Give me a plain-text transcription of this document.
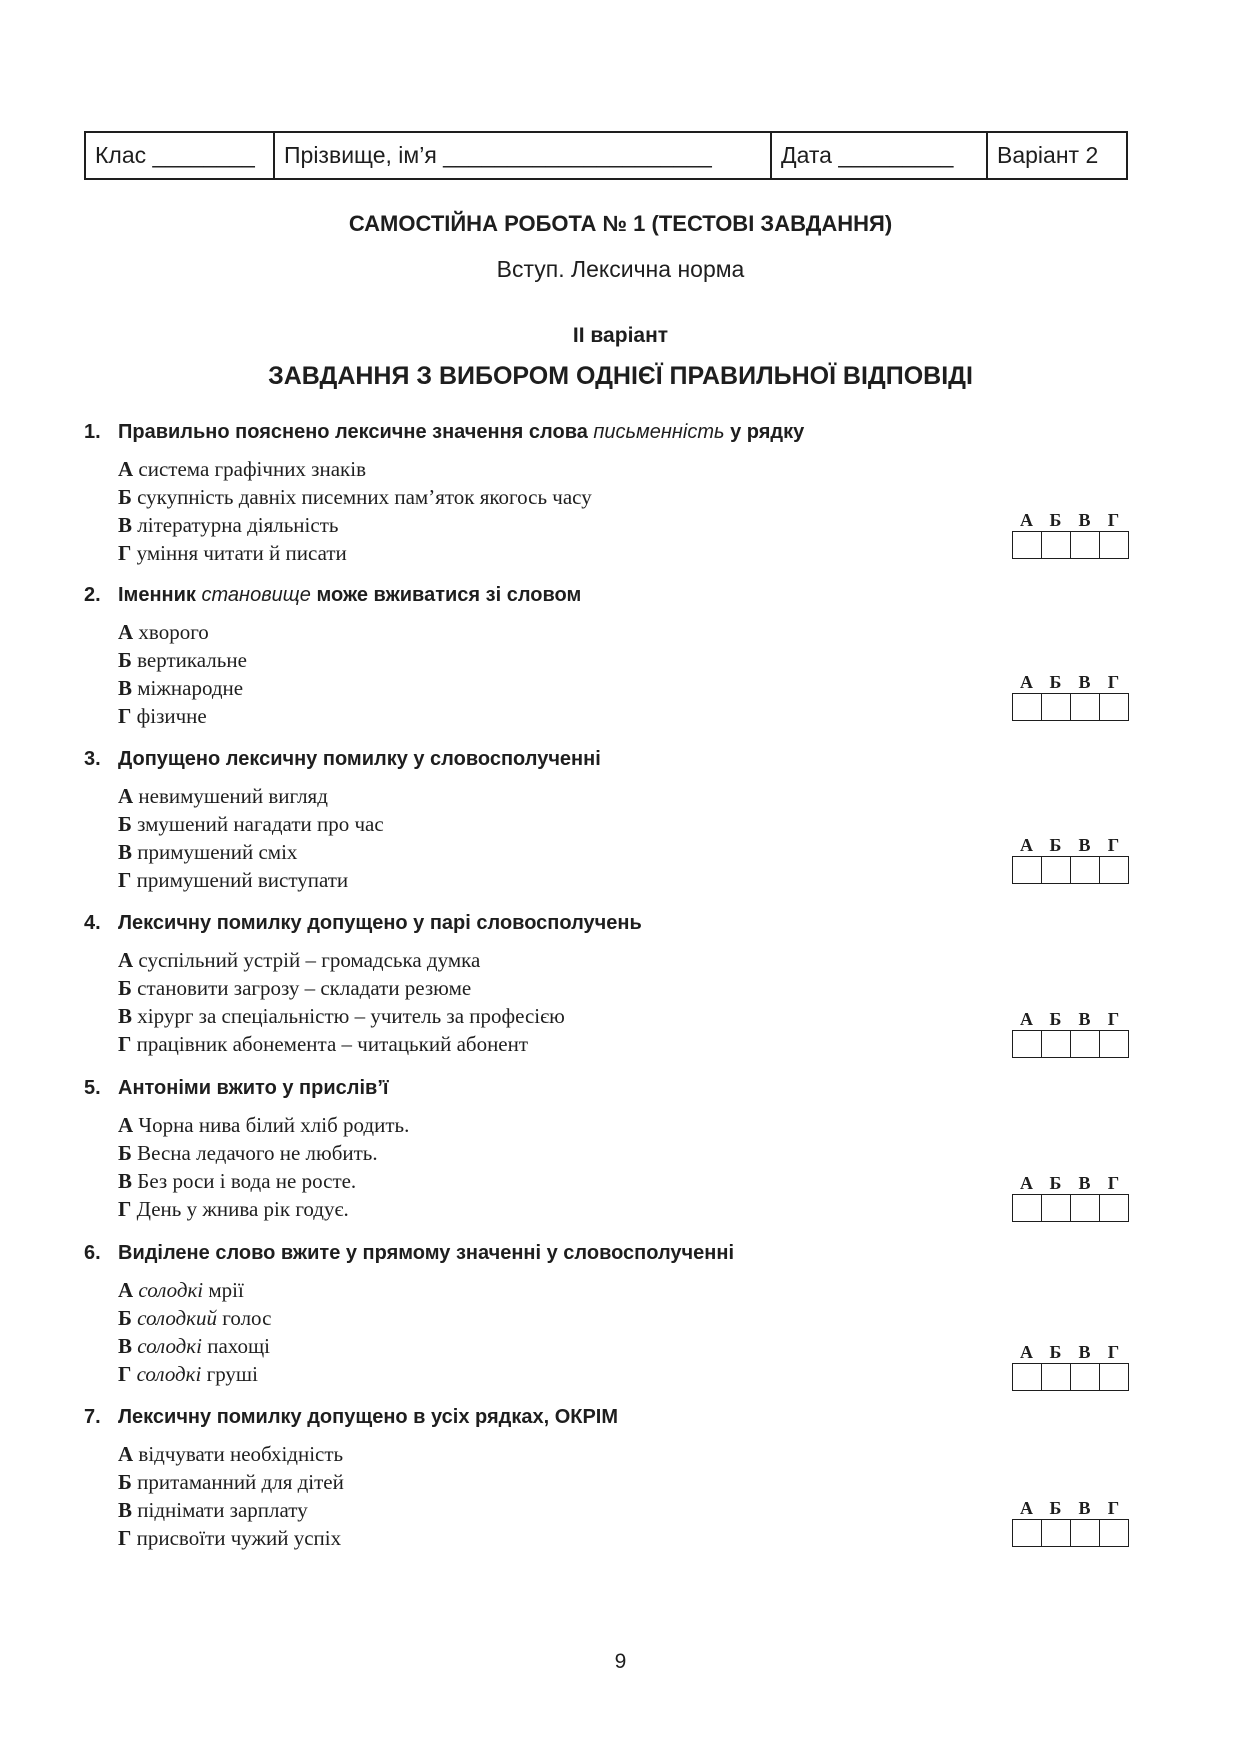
Клас ________	Прізвище, ім’я _____________________	Дата _________	Варіант 2
САМОСТІЙНА РОБОТА № 1 (ТЕСТОВІ ЗАВДАННЯ)
Вступ. Лексична норма
ІІ варіант
ЗАВДАННЯ З ВИБОРОМ ОДНІЄЇ ПРАВИЛЬНОЇ ВІДПОВІДІ
1. Правильно пояснено лексичне значення слова письменність у рядку
А система графічних знаків
Б сукупність давніх писемних пам’яток якогось часу
В літературна діяльність
Г уміння читати й писати
А Б В Г
2. Іменник становище може вживатися зі словом
А хворого
Б вертикальне
В міжнародне
Г фізичне
А Б В Г
3. Допущено лексичну помилку у словосполученні
А невимушений вигляд
Б змушений нагадати про час
В примушений сміх
Г примушений виступати
А Б В Г
4. Лексичну помилку допущено у парі словосполучень
А суспільний устрій – громадська думка
Б становити загрозу – складати резюме
В хірург за спеціальністю – учитель за професією
Г працівник абонемента – читацький абонент
А Б В Г
5. Антоніми вжито у прислів’ї
А Чорна нива білий хліб родить.
Б Весна ледачого не любить.
В Без роси і вода не росте.
Г День у жнива рік годує.
А Б В Г
6. Виділене слово вжите у прямому значенні у словосполученні
А солодкі мрії
Б солодкий голос
В солодкі пахощі
Г солодкі груші
А Б В Г
7. Лексичну помилку допущено в усіх рядках, ОКРІМ
А відчувати необхідність
Б притаманний для дітей
В піднімати зарплату
Г присвоїти чужий успіх
А Б В Г
9
